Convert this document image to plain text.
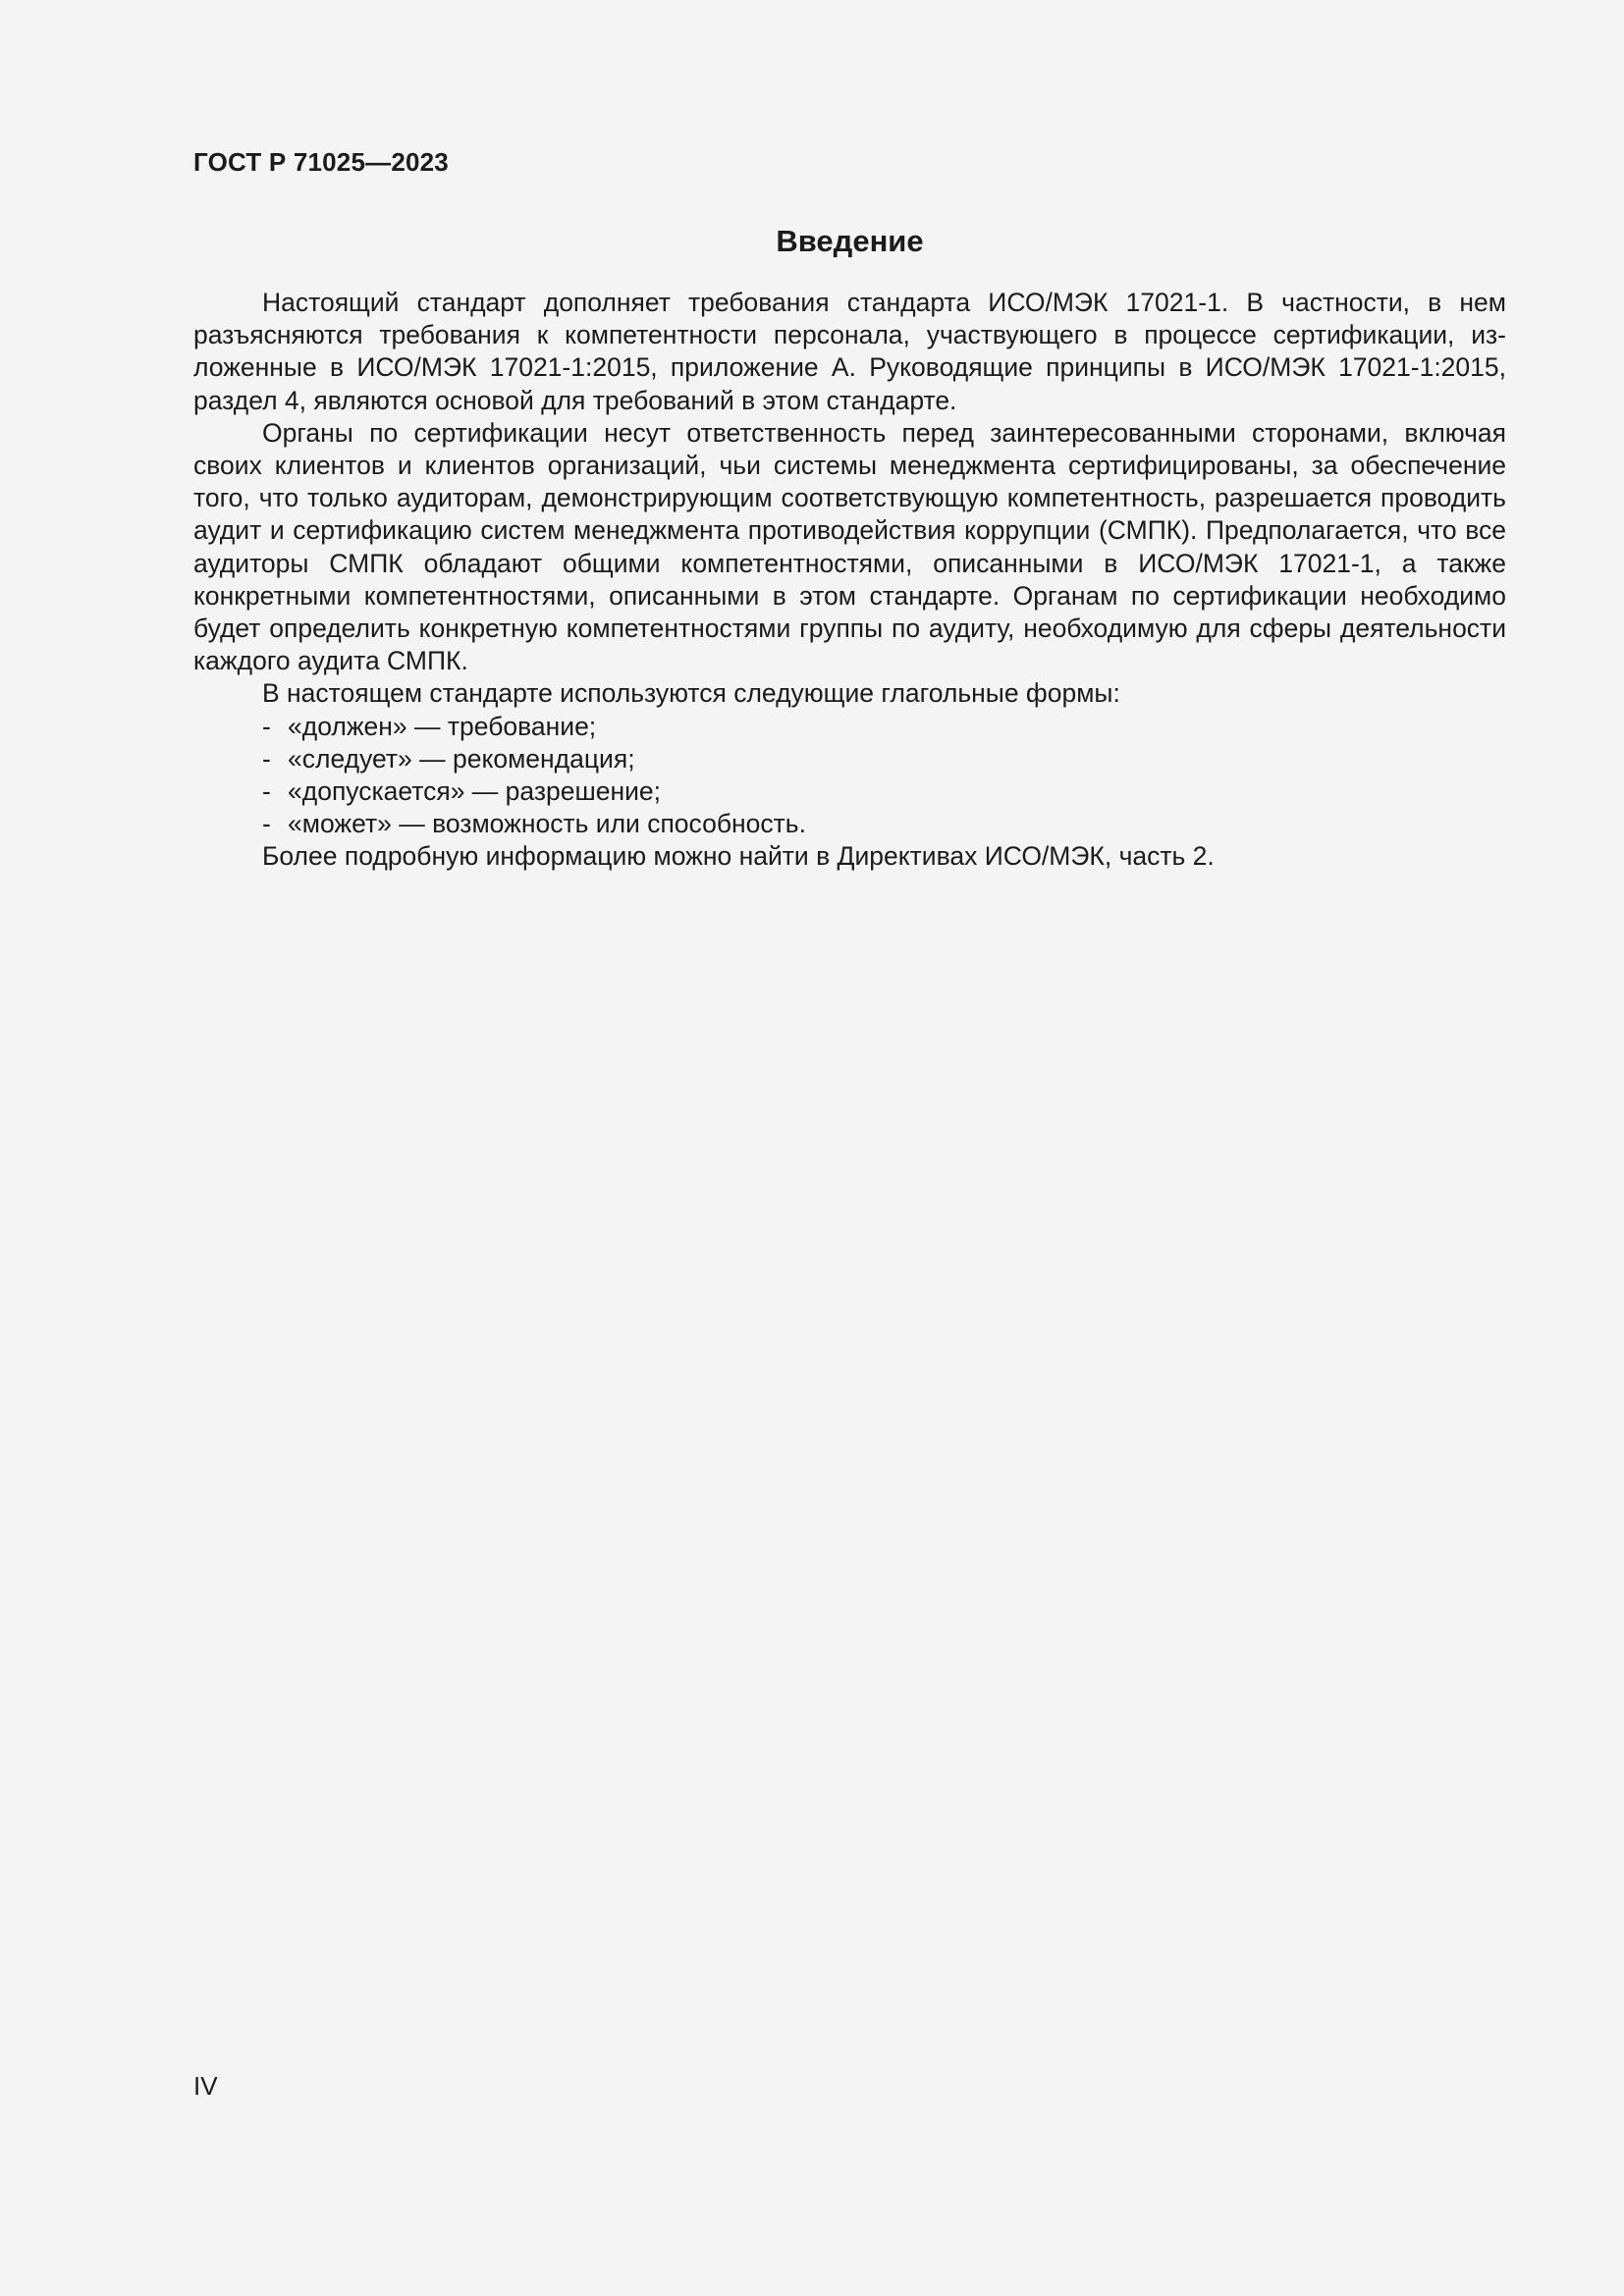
ГОСТ Р 71025—2023
Введение

Настоящий стандарт дополняет требования стандарта ИСО/МЭК 17021-1. В частности, в нем разъясняются требования к компетентности персонала, участвующего в процессе сертификации, изложенные в ИСО/МЭК 17021-1:2015, приложение А. Руководящие принципы в ИСО/МЭК 17021-1:2015, раздел 4, являются основой для требований в этом стандарте.

Органы по сертификации несут ответственность перед заинтересованными сторонами, включая своих клиентов и клиентов организаций, чьи системы менеджмента сертифицированы, за обеспечение того, что только аудиторам, демонстрирующим соответствующую компетентность, разрешается проводить аудит и сертификацию систем менеджмента противодействия коррупции (СМПК). Предполагается, что все аудиторы СМПК обладают общими компетентностями, описанными в ИСО/МЭК 17021-1, а также конкретными компетентностями, описанными в этом стандарте. Органам по сертификации необходимо будет определить конкретную компетентностями группы по аудиту, необходимую для сферы деятельности каждого аудита СМПК.

В настоящем стандарте используются следующие глагольные формы:

- «должен» — требование;
- «следует» — рекомендация;
- «допускается» — разрешение;
- «может» — возможность или способность.

Более подробную информацию можно найти в Директивах ИСО/МЭК, часть 2.

IV
